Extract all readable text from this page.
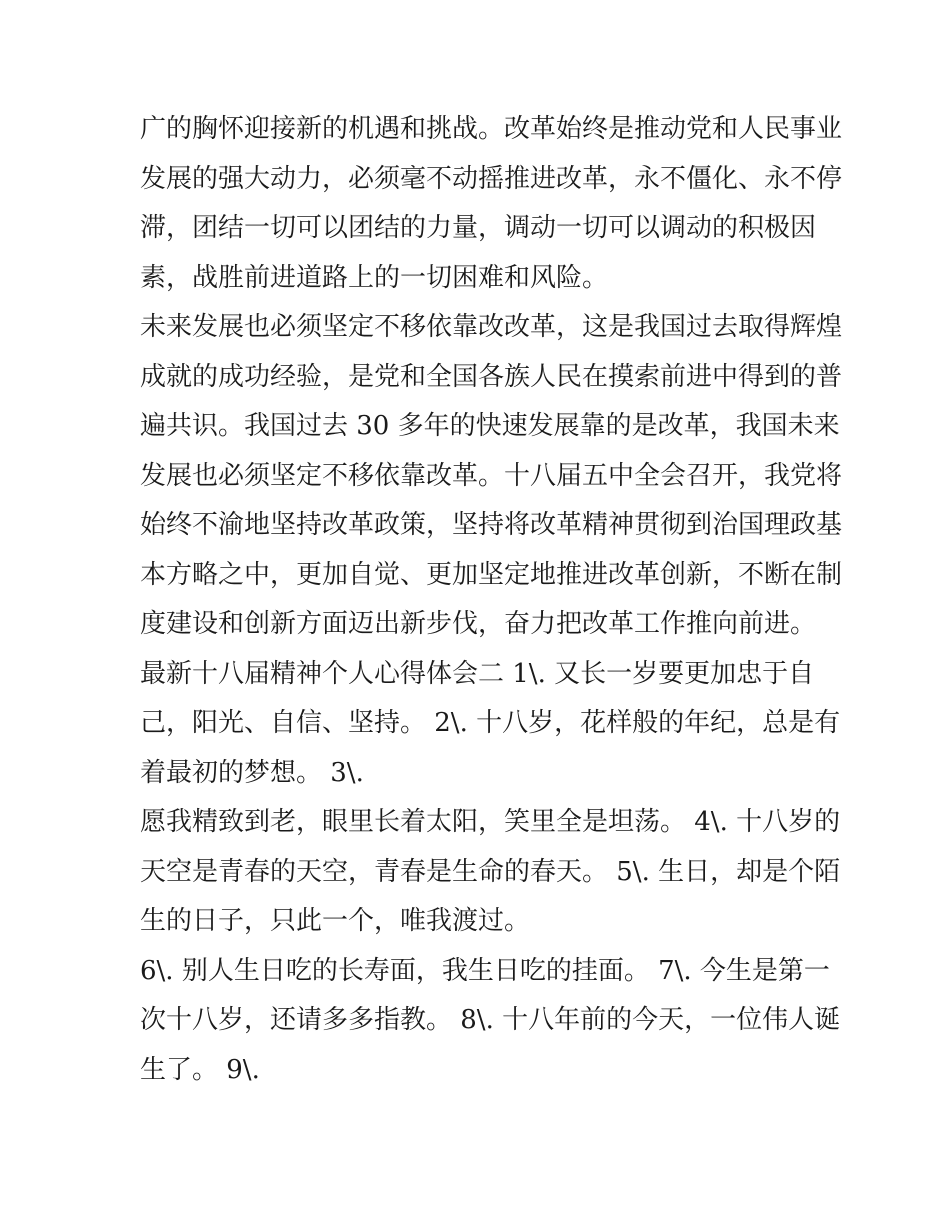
广的胸怀迎接新的机遇和挑战。改革始终是推动党和人民事业
发展的强大动力，必须毫不动摇推进改革，永不僵化、永不停
滞，团结一切可以团结的力量，调动一切可以调动的积极因
素，战胜前进道路上的一切困难和风险。
未来发展也必须坚定不移依靠改改革，这是我国过去取得辉煌
成就的成功经验，是党和全国各族人民在摸索前进中得到的普
遍共识。我国过去 30 多年的快速发展靠的是改革，我国未来
发展也必须坚定不移依靠改革。十八届五中全会召开，我党将
始终不渝地坚持改革政策，坚持将改革精神贯彻到治国理政基
本方略之中，更加自觉、更加坚定地推进改革创新，不断在制
度建设和创新方面迈出新步伐，奋力把改革工作推向前进。
最新十八届精神个人心得体会二 1\. 又长一岁要更加忠于自
己，阳光、自信、坚持。 2\. 十八岁，花样般的年纪，总是有
着最初的梦想。 3\.
愿我精致到老，眼里长着太阳，笑里全是坦荡。 4\. 十八岁的
天空是青春的天空，青春是生命的春天。 5\. 生日，却是个陌
生的日子，只此一个，唯我渡过。
6\. 别人生日吃的长寿面，我生日吃的挂面。 7\. 今生是第一
次十八岁，还请多多指教。 8\. 十八年前的今天，一位伟人诞
生了。 9\.
